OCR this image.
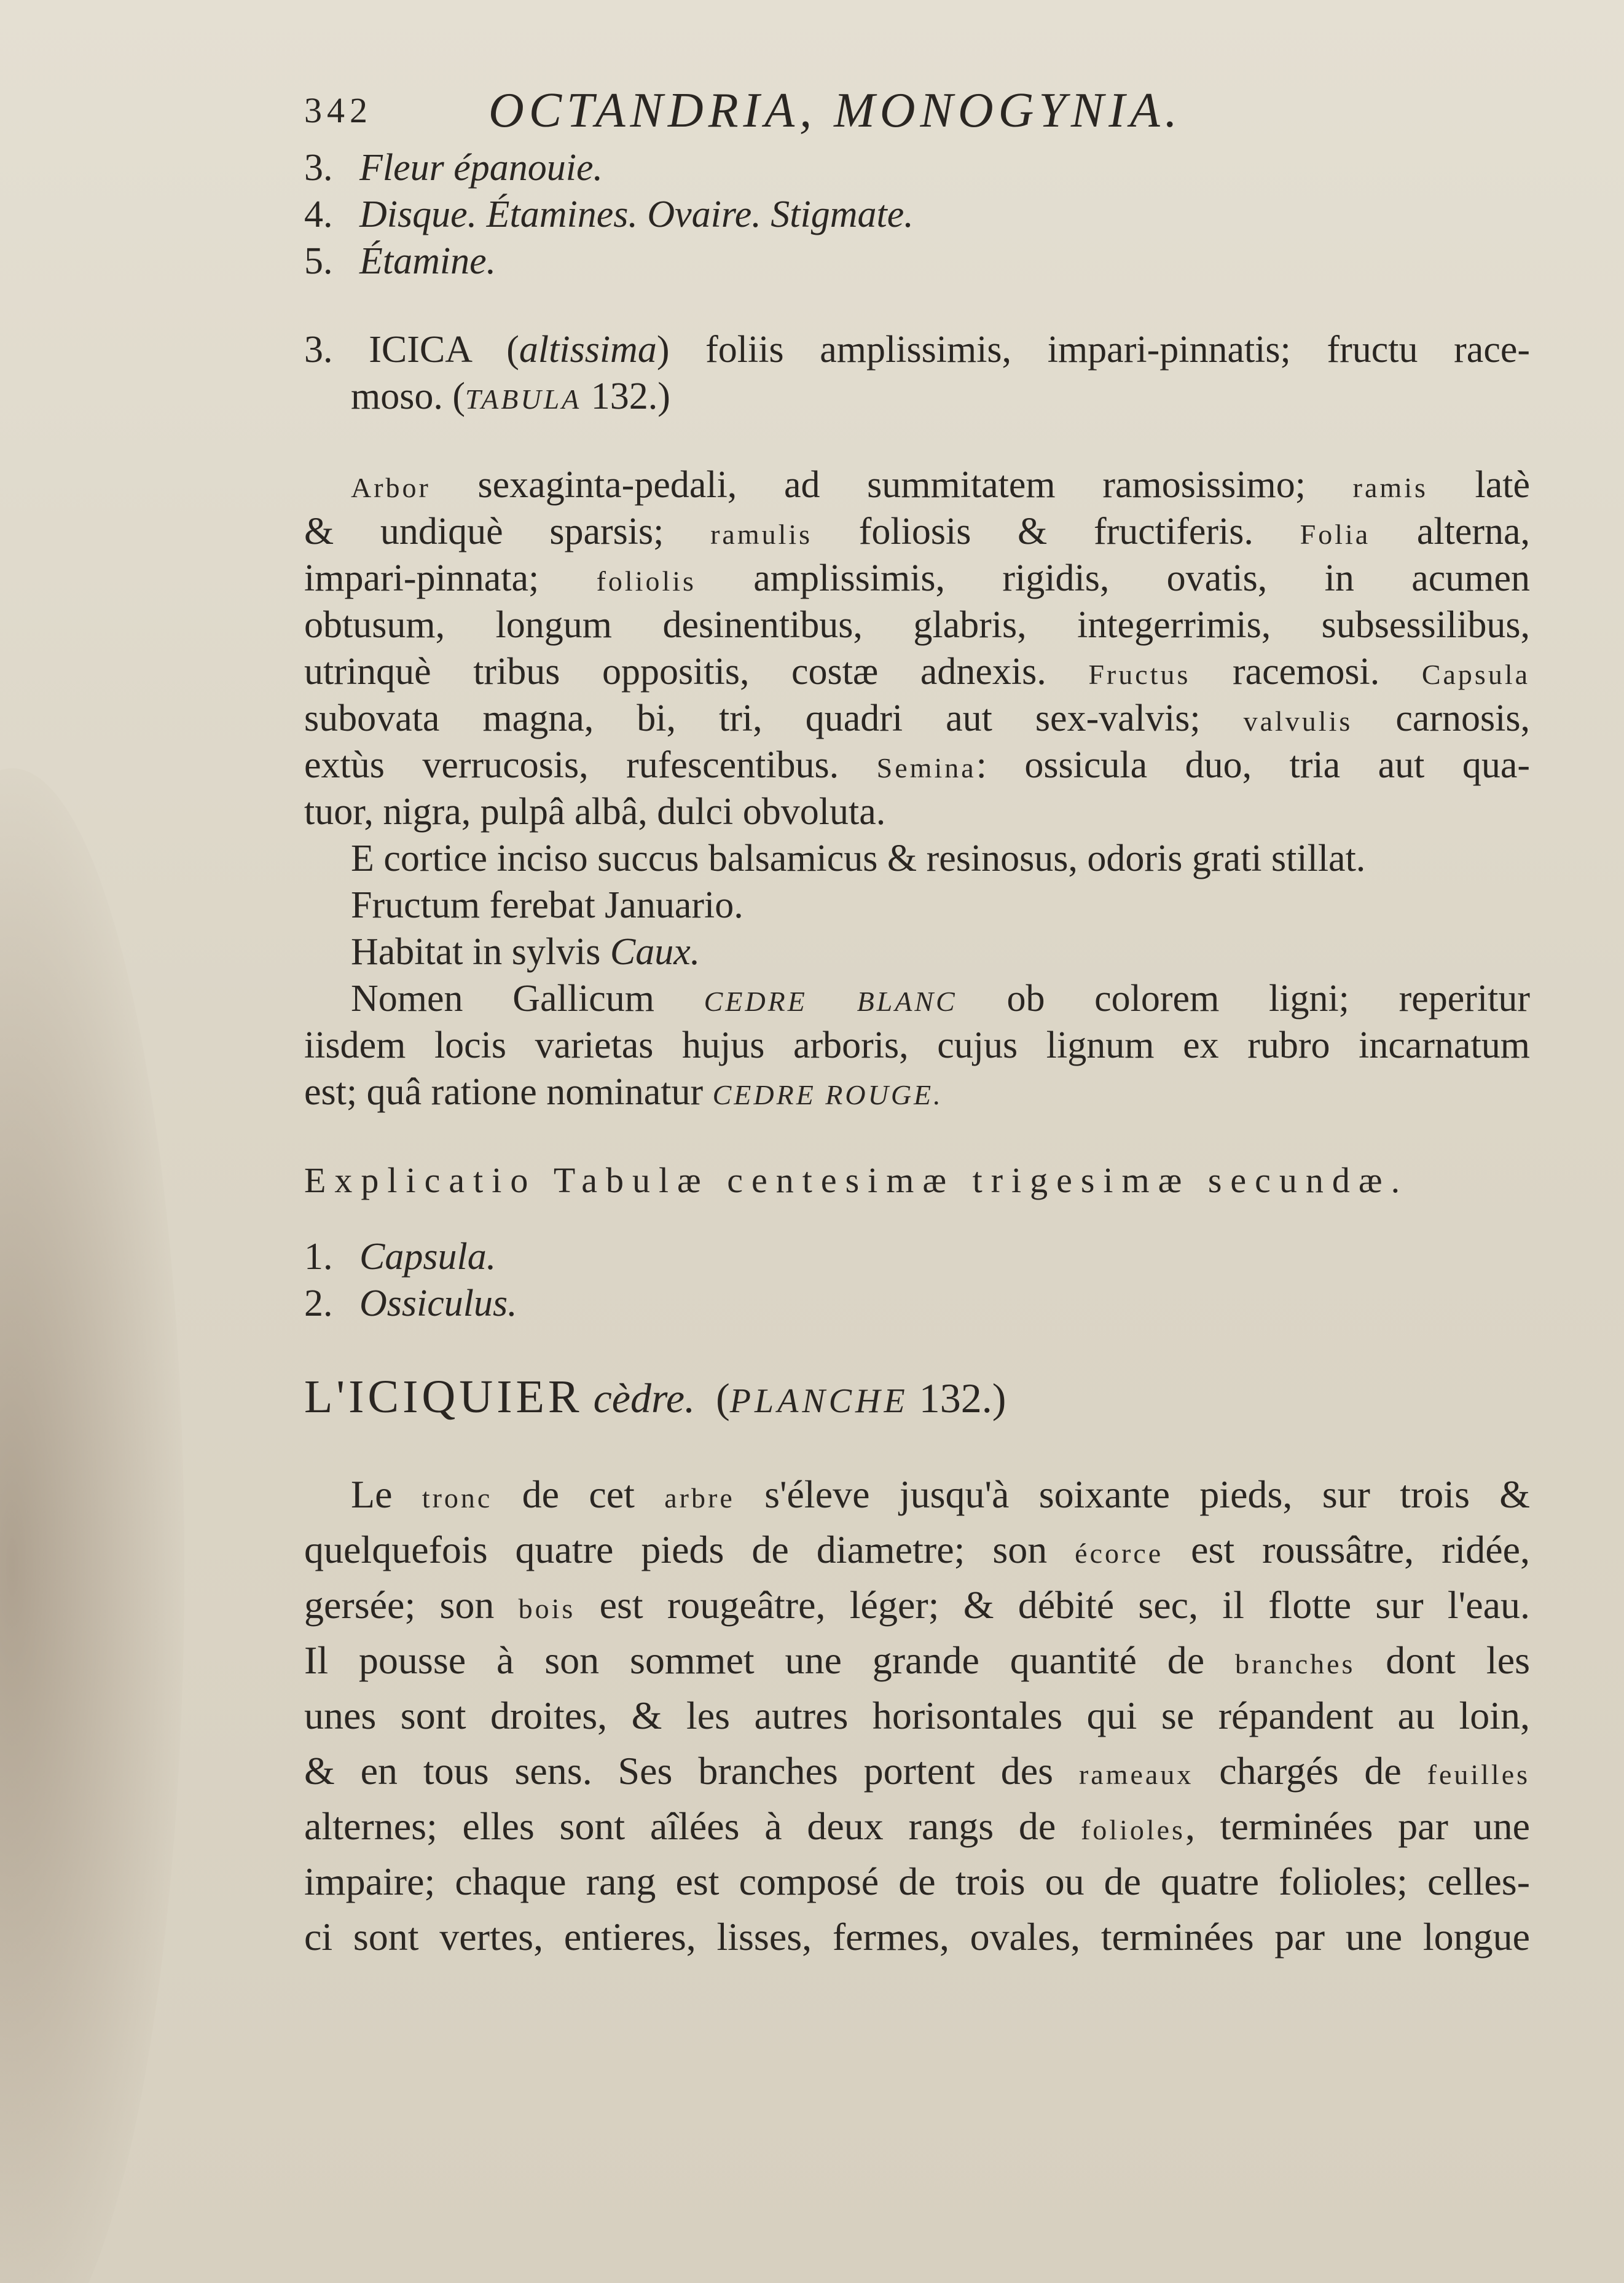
342 OCTANDRIA, MONOGYNIA.
3. Fleur épanouie.
4. Disque. Étamines. Ovaire. Stigmate.
5. Étamine.
3. ICICA (altissima) foliis amplissimis, impari-pinnatis; fructu race-
moso. (TABULA 132.)
Arbor sexaginta-pedali, ad summitatem ramosissimo; ramis latè
& undiquè sparsis; ramulis foliosis & fructiferis. Folia alterna,
impari-pinnata; foliolis amplissimis, rigidis, ovatis, in acumen
obtusum, longum desinentibus, glabris, integerrimis, subsessilibus,
utrinquè tribus oppositis, costæ adnexis. Fructus racemosi. Capsula
subovata magna, bi, tri, quadri aut sex-valvis; valvulis carnosis,
extùs verrucosis, rufescentibus. Semina: ossicula duo, tria aut qua-
tuor, nigra, pulpâ albâ, dulci obvoluta.
E cortice inciso succus balsamicus & resinosus, odoris grati stillat.
Fructum ferebat Januario.
Habitat in sylvis Caux.
Nomen Gallicum CEDRE BLANC ob colorem ligni; reperitur
iisdem locis varietas hujus arboris, cujus lignum ex rubro incarnatum
est; quâ ratione nominatur CEDRE ROUGE.
Explicatio Tabulæ centesimæ trigesimæ secundæ.
1. Capsula.
2. Ossiculus.
L'ICIQUIER cèdre. (PLANCHE 132.)
Le tronc de cet arbre s'éleve jusqu'à soixante pieds, sur trois &
quelquefois quatre pieds de diametre; son écorce est roussâtre, ridée,
gersée; son bois est rougeâtre, léger; & débité sec, il flotte sur l'eau.
Il pousse à son sommet une grande quantité de branches dont les
unes sont droites, & les autres horisontales qui se répandent au loin,
& en tous sens. Ses branches portent des rameaux chargés de feuilles
alternes; elles sont aîlées à deux rangs de folioles, terminées par une
impaire; chaque rang est composé de trois ou de quatre folioles; celles-
ci sont vertes, entieres, lisses, fermes, ovales, terminées par une longue
